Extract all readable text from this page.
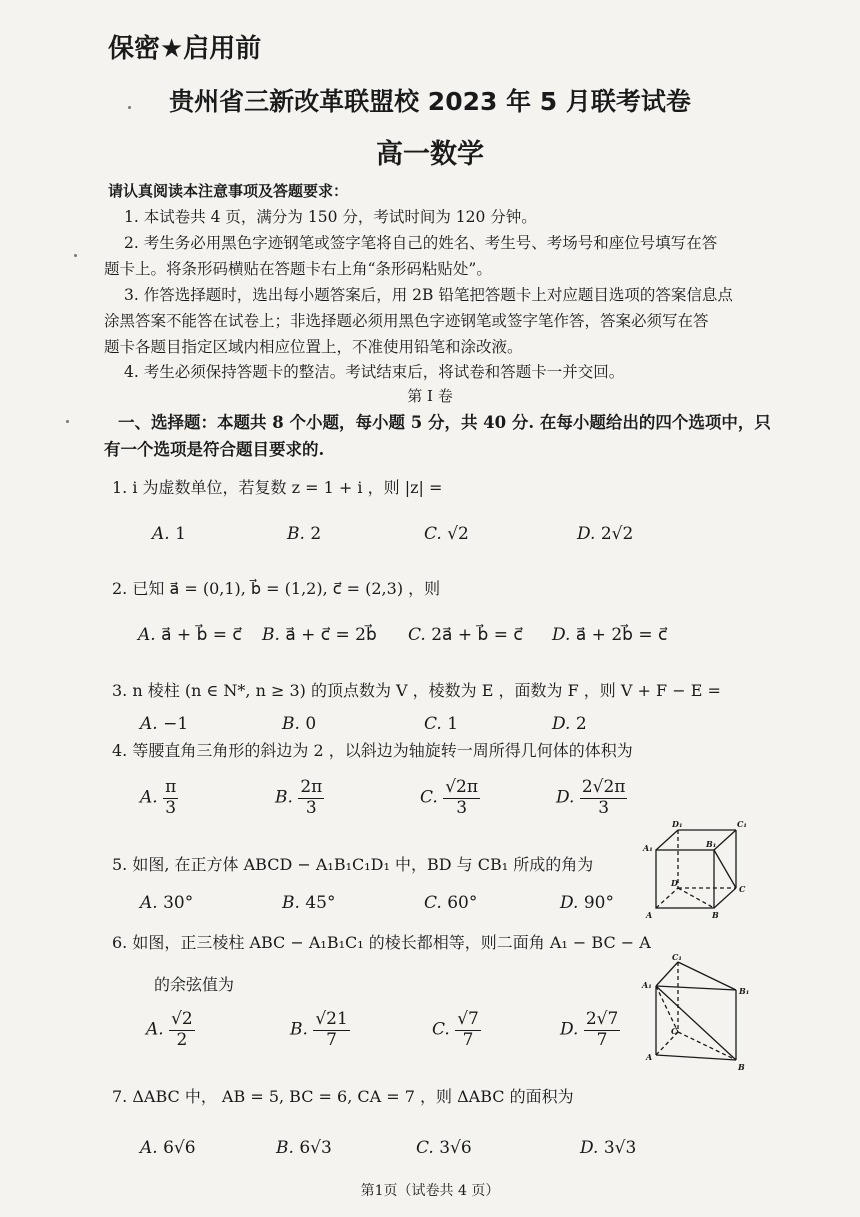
保密★启用前
贵州省三新改革联盟校 2023 年 5 月联考试卷
高一数学
请认真阅读本注意事项及答题要求：
1. 本试卷共 4 页，满分为 150 分，考试时间为 120 分钟。
2. 考生务必用黑色字迹钢笔或签字笔将自己的姓名、考生号、考场号和座位号填写在答
题卡上。将条形码横贴在答题卡右上角“条形码粘贴处”。
3. 作答选择题时，选出每小题答案后，用 2B 铅笔把答题卡上对应题目选项的答案信息点
涂黑答案不能答在试卷上；非选择题必须用黑色字迹钢笔或签字笔作答，答案必须写在答
题卡各题目指定区域内相应位置上，不准使用铅笔和涂改液。
4. 考生必须保持答题卡的整洁。考试结束后，将试卷和答题卡一并交回。
第 I 卷
一、选择题：本题共 8 个小题，每小题 5 分，共 40 分. 在每小题给出的四个选项中，只
有一个选项是符合题目要求的.
1. i 为虚数单位，若复数 z = 1 + i ，则 |z| =
A. 1	B. 2	C. √2	D. 2√2
2. 已知 a⃗ = (0,1), b⃗ = (1,2), c⃗ = (2,3) ，则
A. a⃗ + b⃗ = c⃗ B. a⃗ + c⃗ = 2b⃗ C. 2a⃗ + b⃗ = c⃗ D. a⃗ + 2b⃗ = c⃗
3. n 棱柱 (n ∈ N*, n ≥ 3) 的顶点数为 V ，棱数为 E ，面数为 F ，则 V + F − E =
A. −1	B. 0	C. 1	D. 2
4. 等腰直角三角形的斜边为 2 ，以斜边为轴旋转一周所得几何体的体积为
A. $\frac{\pi}{3}$	B. $\frac{2\pi}{3}$	C. $\frac{√2\pi}{3}$	D. $\frac{2√2\pi}{3}$
5. 如图, 在正方体 ABCD − A₁B₁C₁D₁ 中，BD 与 CB₁ 所成的角为
A. 30°	B. 45°	C. 60°	D. 90°
D₁	C₁
A₁	B₁
D
C
A	B
6. 如图，正三棱柱 ABC − A₁B₁C₁ 的棱长都相等，则二面角 A₁ − BC − A
的余弦值为
A. $\frac{√2}{2}$	B. $\frac{√21}{7}$	C. $\frac{√7}{7}$	D. $\frac{2√7}{7}$
C₁
A₁
B₁
C
A
B
7. ΔABC 中， AB = 5, BC = 6, CA = 7 ，则 ΔABC 的面积为
A. 6√6	B. 6√3	C. 3√6	D. 3√3
第1页（试卷共 4 页）
